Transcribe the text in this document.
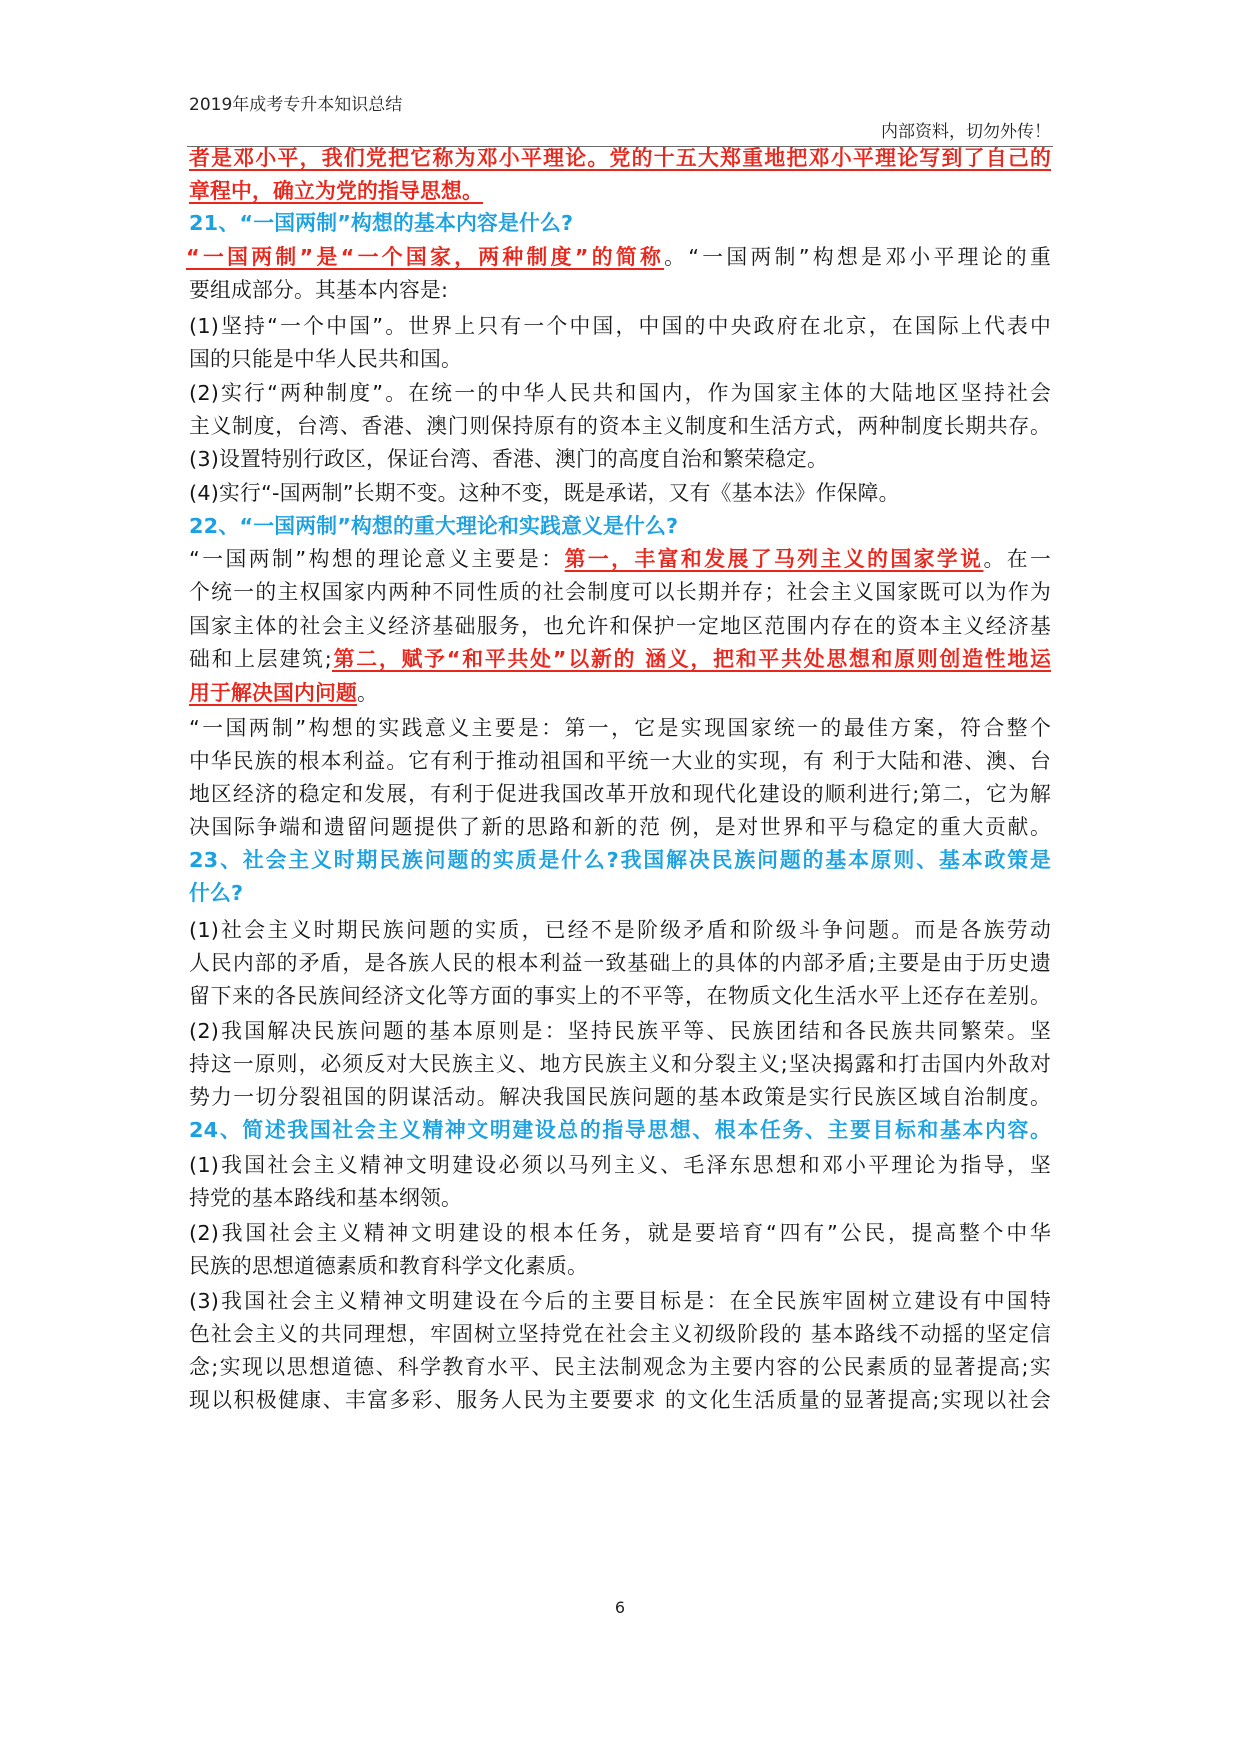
2019年成考专升本知识总结
内部资料，切勿外传！
者是邓小平，我们党把它称为邓小平理论。党的十五大郑重地把邓小平理论写到了自己的
章程中，确立为党的指导思想。
21、“一国两制”构想的基本内容是什么?
“一国两制”是“一个国家，两种制度”的简称。“一国两制”构想是邓小平理论的重
要组成部分。其基本内容是:
(1)坚持“一个中国”。世界上只有一个中国，中国的中央政府在北京，在国际上代表中
国的只能是中华人民共和国。
(2)实行“两种制度”。在统一的中华人民共和国内，作为国家主体的大陆地区坚持社会
主义制度，台湾、香港、澳门则保持原有的资本主义制度和生活方式，两种制度长期共存。
(3)设置特别行政区，保证台湾、香港、澳门的高度自治和繁荣稳定。
(4)实行“-国两制”长期不变。这种不变，既是承诺，又有《基本法》作保障。
22、“一国两制”构想的重大理论和实践意义是什么?
“一国两制”构想的理论意义主要是：第一，丰富和发展了马列主义的国家学说。在一
个统一的主权国家内两种不同性质的社会制度可以长期并存；社会主义国家既可以为作为
国家主体的社会主义经济基础服务，也允许和保护一定地区范围内存在的资本主义经济基
础和上层建筑;第二，赋予“和平共处”以新的 涵义，把和平共处思想和原则创造性地运
用于解决国内问题。
“一国两制”构想的实践意义主要是：第一，它是实现国家统一的最佳方案，符合整个
中华民族的根本利益。它有利于推动祖国和平统一大业的实现，有 利于大陆和港、澳、台
地区经济的稳定和发展，有利于促进我国改革开放和现代化建设的顺利进行;第二，它为解
决国际争端和遗留问题提供了新的思路和新的范 例，是对世界和平与稳定的重大贡献。
23、社会主义时期民族问题的实质是什么?我国解决民族问题的基本原则、基本政策是
什么?
(1)社会主义时期民族问题的实质，已经不是阶级矛盾和阶级斗争问题。而是各族劳动
人民内部的矛盾，是各族人民的根本利益一致基础上的具体的内部矛盾;主要是由于历史遗
留下来的各民族间经济文化等方面的事实上的不平等，在物质文化生活水平上还存在差别。
(2)我国解决民族问题的基本原则是：坚持民族平等、民族团结和各民族共同繁荣。坚
持这一原则，必须反对大民族主义、地方民族主义和分裂主义;坚决揭露和打击国内外敌对
势力一切分裂祖国的阴谋活动。解决我国民族问题的基本政策是实行民族区域自治制度。
24、简述我国社会主义精神文明建设总的指导思想、根本任务、主要目标和基本内容。
(1)我国社会主义精神文明建设必须以马列主义、毛泽东思想和邓小平理论为指导，坚
持党的基本路线和基本纲领。
(2)我国社会主义精神文明建设的根本任务，就是要培育“四有”公民，提高整个中华
民族的思想道德素质和教育科学文化素质。
(3)我国社会主义精神文明建设在今后的主要目标是：在全民族牢固树立建设有中国特
色社会主义的共同理想，牢固树立坚持党在社会主义初级阶段的 基本路线不动摇的坚定信
念;实现以思想道德、科学教育水平、民主法制观念为主要内容的公民素质的显著提高;实
现以积极健康、丰富多彩、服务人民为主要要求 的文化生活质量的显著提高;实现以社会
6
